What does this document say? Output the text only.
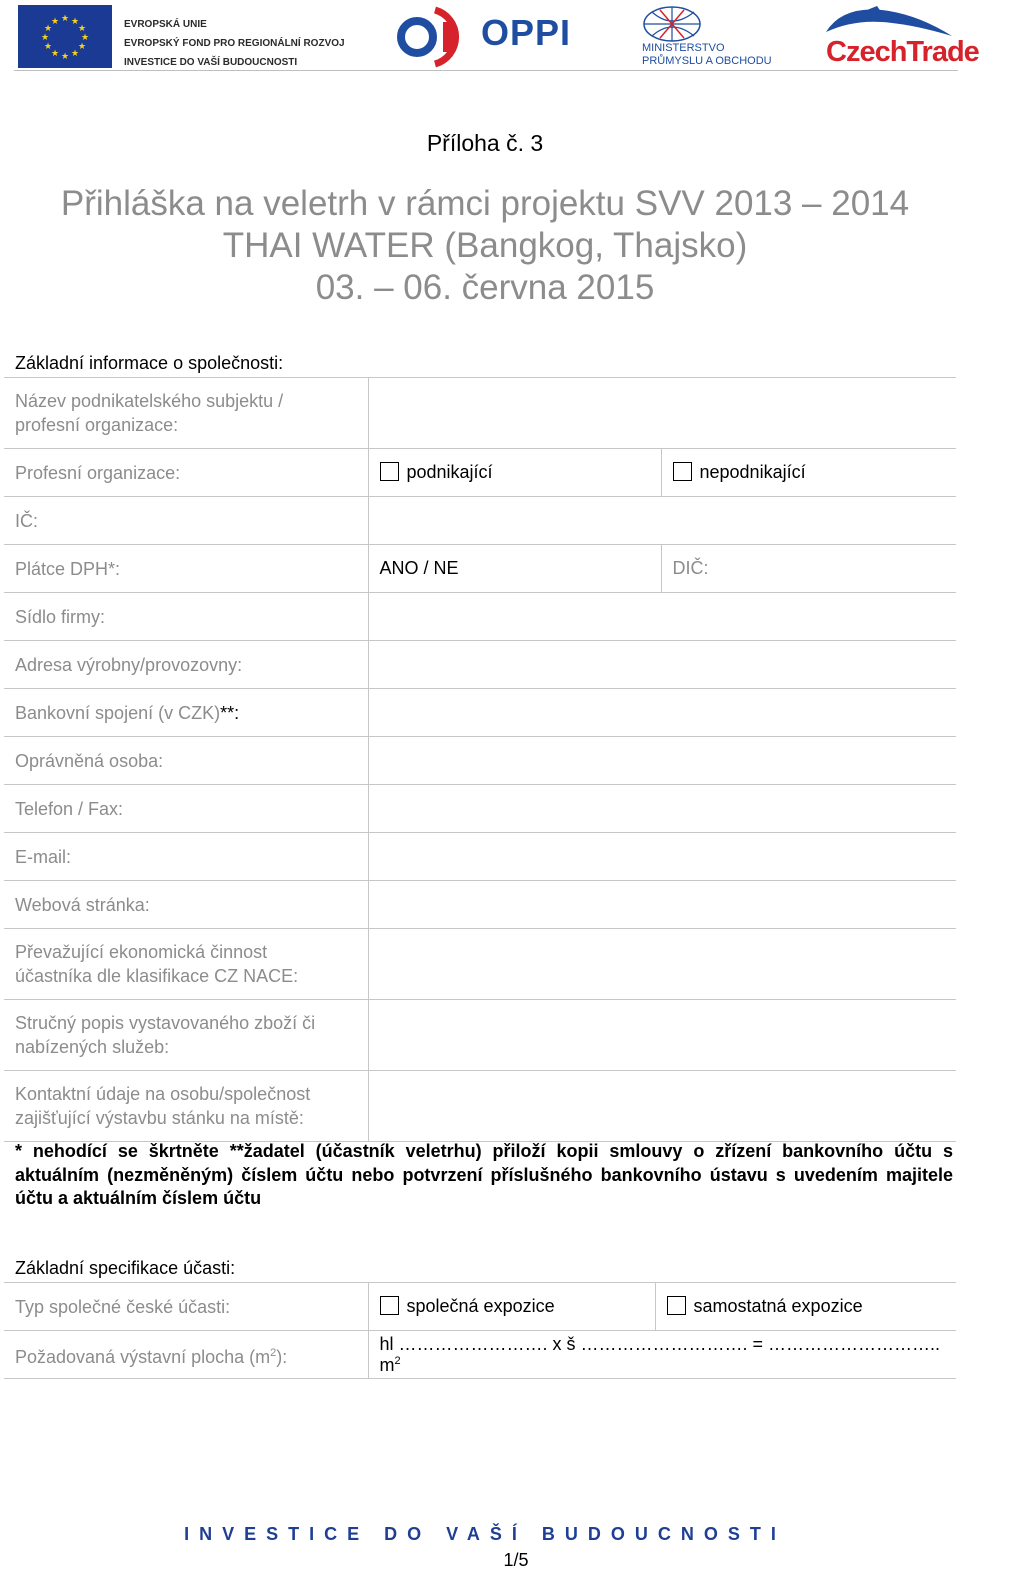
★ ★
★
★
★
★
★
★
★
★
★
★	EVROPSKÁ UNIE
EVROPSKÝ FOND PRO REGIONÁLNÍ ROZVOJ
INVESTICE DO VAŠÍ BUDOUCNOSTI
OPPI	MINISTERSTVO
PRŮMYSLU A OBCHODU CzechTrade
Příloha č. 3
Přihláška na veletrh v rámci projektu SVV 2013 – 2014
THAI WATER (Bangkog, Thajsko)
03. – 06. června 2015
Základní informace o společnosti:
Název podnikatelského subjektu /
profesní organizace:		

Profesní organizace:	podnikající	nepodnikající
IČ:		
Plátce DPH*:	ANO / NE	DIČ:
Sídlo firmy:		
Adresa výrobny/provozovny:		
Bankovní spojení (v CZK)**:		
Oprávněná osoba:		
Telefon / Fax:		
E-mail:		
Webová stránka:		

Převažující ekonomická činnost
účastníka dle klasifikace CZ NACE:		

Stručný popis vystavovaného zboží či
nabízených služeb:		

Kontaktní údaje na osobu/společnost
zajišťující výstavbu stánku na místě:		

* nehodící se škrtněte **žadatel (účastník veletrhu) přiloží kopii smlouvy o zřízení bankovního účtu s aktuálním (nezměněným) číslem účtu nebo potvrzení příslušného bankovního ústavu s uvedením majitele účtu a aktuálním číslem účtu
Základní specifikace účasti:
Typ společné české účasti:	společná expozice	samostatná expozice
Požadovaná výstavní plocha $(m^2)$:	hl ……………………. x š ………………………. = ……………………….. $m^2$
INVESTICE DO VAŠÍ BUDOUCNOSTI
1/5
